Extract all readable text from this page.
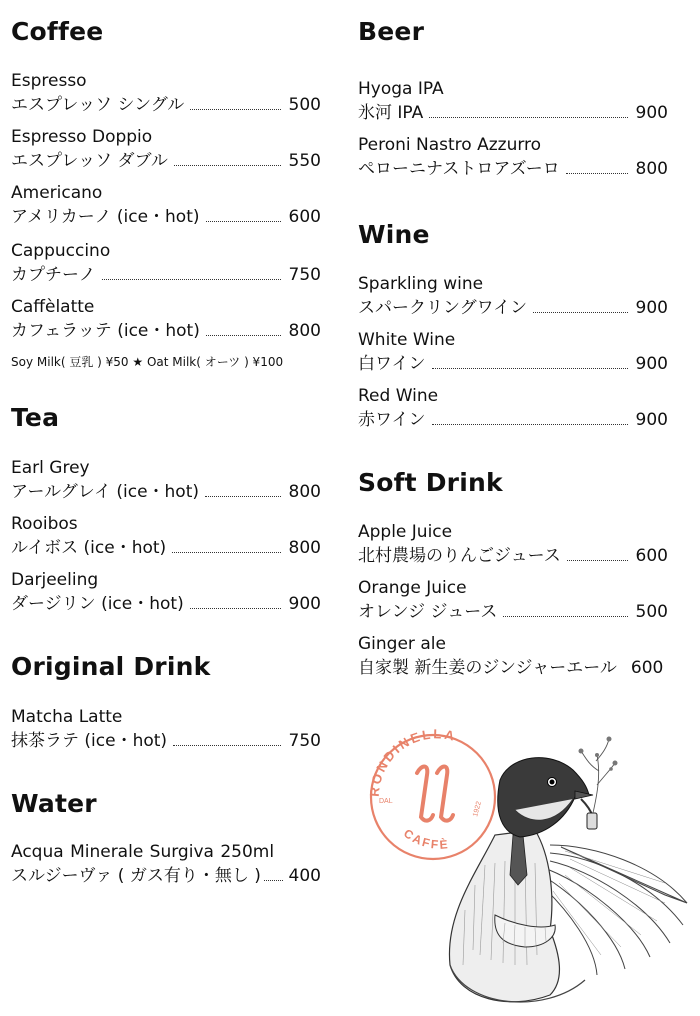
Coffee
Espresso
エスプレッソ シングル	500
Espresso Doppio
エスプレッソ ダブル	550
Americano
アメリカーノ (ice・hot)	600
Cappuccino
カプチーノ	750
Caffèlatte
カフェラッテ (ice・hot)	800
Soy Milk( 豆乳 ) ¥50 ★ Oat Milk( オーツ ) ¥100
Tea
Earl Grey
アールグレイ (ice・hot)	800
Rooibos
ルイボス (ice・hot)	800
Darjeeling
ダージリン (ice・hot)	900
Original Drink
Matcha Latte
抹茶ラテ (ice・hot)	750
Water
Acqua Minerale Surgiva 250ml
スルジーヴァ ( ガス有り・無し ) 400
Beer
Hyoga IPA
氷河 IPA	900
Peroni Nastro Azzurro
ペローニナストロアズーロ	800
Wine
Sparkling wine
スパークリングワイン	900
White Wine
白ワイン	900
Red Wine
赤ワイン	900
Soft Drink
Apple Juice
北村農場のりんごジュース	600
Orange Juice
オレンジ ジュース	500
Ginger ale
自家製 新生姜のジンジャーエール 600
RONDINELLA
CAFFÈ
DAL	1922
